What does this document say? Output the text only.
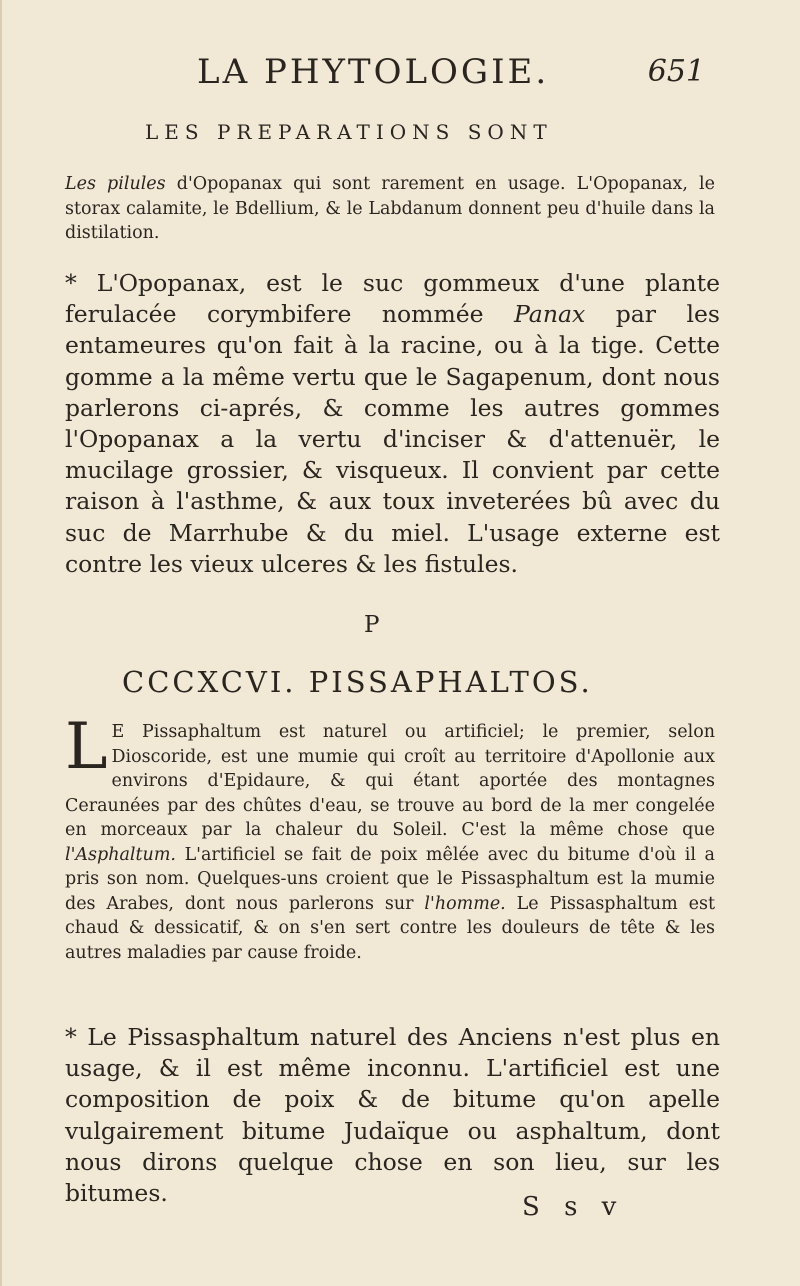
LA PHYTOLOGIE.	651
LES PREPARATIONS SONT
Les pilules d'Opopanax qui sont rarement en usage. L'Opopanax, le storax calamite, le Bdellium, & le Labdanum donnent peu d'huile dans la distilation.
* L'Opopanax, est le suc gommeux d'une plante ferulacée corymbifere nommée Panax par les entameures qu'on fait à la racine, ou à la tige. Cette gomme a la même vertu que le Sagapenum, dont nous parlerons ci-aprés, & comme les autres gommes l'Opopanax a la vertu d'inciser & d'attenuër, le mucilage grossier, & visqueux. Il convient par cette raison à l'asthme, & aux toux inveterées bû avec du suc de Marrhube & du miel. L'usage externe est contre les vieux ulceres & les fistules.
P
CCCXCVI. PISSAPHALTOS.
L E Pissaphaltum est naturel ou artificiel; le premier, selon Dioscoride, est une mumie qui croît au territoire d'Apollonie aux environs d'Epidaure, & qui étant aportée des montagnes Ceraunées par des chûtes d'eau, se trouve au bord de la mer congelée en morceaux par la chaleur du Soleil. C'est la même chose que l'Asphaltum. L'artificiel se fait de poix mêlée avec du bitume d'où il a pris son nom. Quelques-uns croient que le Pissasphaltum est la mumie des Arabes, dont nous parlerons sur l'homme. Le Pissasphaltum est chaud & dessicatif, & on s'en sert contre les douleurs de tête & les autres maladies par cause froide.
* Le Pissasphaltum naturel des Anciens n'est plus en usage, & il est même inconnu. L'artificiel est une composition de poix & de bitume qu'on apelle vulgairement bitume Judaïque ou asphaltum, dont nous dirons quelque chose en son lieu, sur les bitumes.	S s v
